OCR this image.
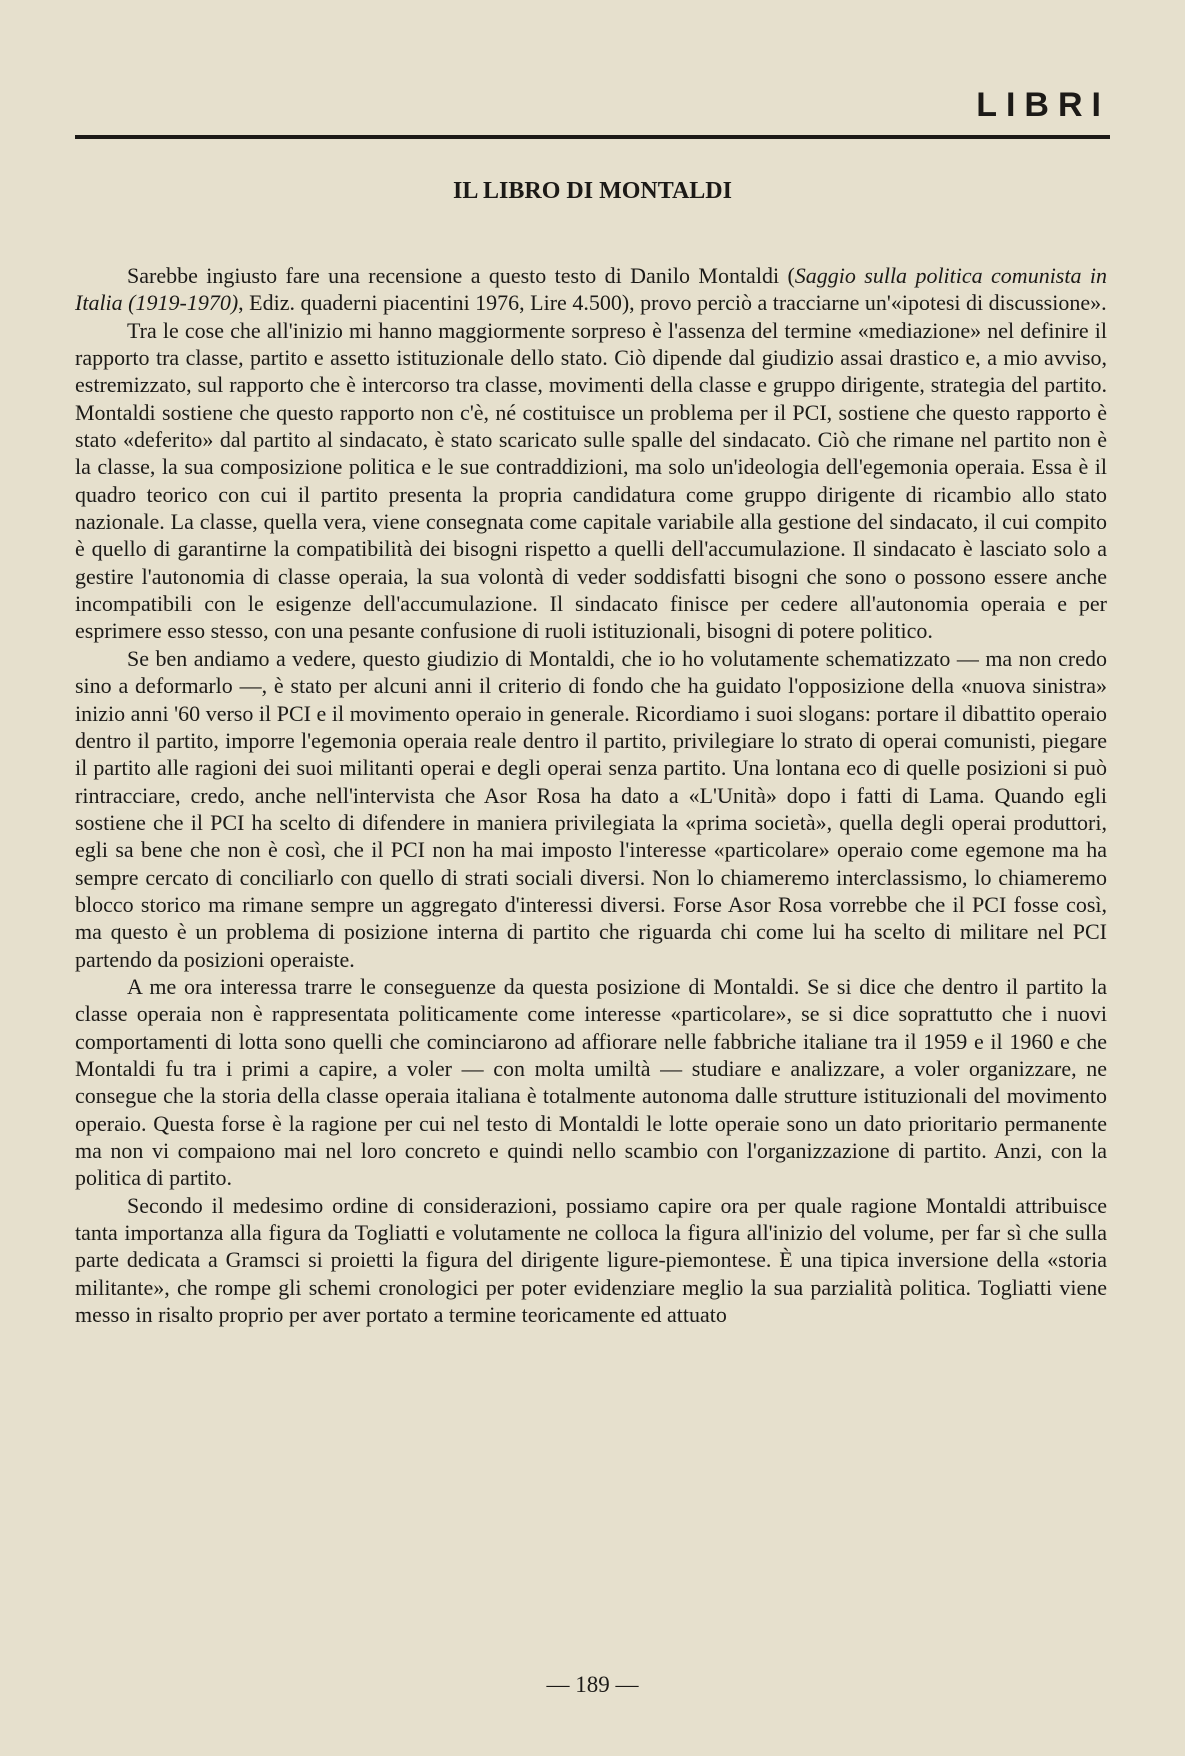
LIBRI
IL LIBRO DI MONTALDI

Sarebbe ingiusto fare una recensione a questo testo di Danilo Montaldi (Saggio sulla politica comunista in Italia (1919-1970), Ediz. quaderni piacentini 1976, Lire 4.500), provo perciò a tracciarne un'«ipotesi di discussione».

Tra le cose che all'inizio mi hanno maggiormente sorpreso è l'assenza del termine «mediazione» nel definire il rapporto tra classe, partito e assetto istituzionale dello stato. Ciò dipende dal giudizio assai drastico e, a mio avviso, estremizzato, sul rapporto che è intercorso tra classe, movimenti della classe e gruppo dirigente, strategia del partito. Montaldi sostiene che questo rapporto non c'è, né costituisce un problema per il PCI, sostiene che questo rapporto è stato «deferito» dal partito al sindacato, è stato scaricato sulle spalle del sindacato. Ciò che rimane nel partito non è la classe, la sua composizione politica e le sue contraddizioni, ma solo un'ideologia dell'egemonia operaia. Essa è il quadro teorico con cui il partito presenta la propria candidatura come gruppo dirigente di ricambio allo stato nazionale. La classe, quella vera, viene consegnata come capitale variabile alla gestione del sindacato, il cui compito è quello di garantirne la compatibilità dei bisogni rispetto a quelli dell'accumulazione. Il sindacato è lasciato solo a gestire l'autonomia di classe operaia, la sua volontà di veder soddisfatti bisogni che sono o possono essere anche incompatibili con le esigenze dell'accumulazione. Il sindacato finisce per cedere all'autonomia operaia e per esprimere esso stesso, con una pesante confusione di ruoli istituzionali, bisogni di potere politico.

Se ben andiamo a vedere, questo giudizio di Montaldi, che io ho volutamente schematizzato — ma non credo sino a deformarlo —, è stato per alcuni anni il criterio di fondo che ha guidato l'opposizione della «nuova sinistra» inizio anni '60 verso il PCI e il movimento operaio in generale. Ricordiamo i suoi slogans: portare il dibattito operaio dentro il partito, imporre l'egemonia operaia reale dentro il partito, privilegiare lo strato di operai comunisti, piegare il partito alle ragioni dei suoi militanti operai e degli operai senza partito. Una lontana eco di quelle posizioni si può rintracciare, credo, anche nell'intervista che Asor Rosa ha dato a «L'Unità» dopo i fatti di Lama. Quando egli sostiene che il PCI ha scelto di difendere in maniera privilegiata la «prima società», quella degli operai produttori, egli sa bene che non è così, che il PCI non ha mai imposto l'interesse «particolare» operaio come egemone ma ha sempre cercato di conciliarlo con quello di strati sociali diversi. Non lo chiameremo interclassismo, lo chiameremo blocco storico ma rimane sempre un aggregato d'interessi diversi. Forse Asor Rosa vorrebbe che il PCI fosse così, ma questo è un problema di posizione interna di partito che riguarda chi come lui ha scelto di militare nel PCI partendo da posizioni operaiste.

A me ora interessa trarre le conseguenze da questa posizione di Montaldi. Se si dice che dentro il partito la classe operaia non è rappresentata politicamente come interesse «particolare», se si dice soprattutto che i nuovi comportamenti di lotta sono quelli che cominciarono ad affiorare nelle fabbriche italiane tra il 1959 e il 1960 e che Montaldi fu tra i primi a capire, a voler — con molta umiltà — studiare e analizzare, a voler organizzare, ne consegue che la storia della classe operaia italiana è totalmente autonoma dalle strutture istituzionali del movimento operaio. Questa forse è la ragione per cui nel testo di Montaldi le lotte operaie sono un dato prioritario permanente ma non vi compaiono mai nel loro concreto e quindi nello scambio con l'organizzazione di partito. Anzi, con la politica di partito.

Secondo il medesimo ordine di considerazioni, possiamo capire ora per quale ragione Montaldi attribuisce tanta importanza alla figura da Togliatti e volutamente ne colloca la figura all'inizio del volume, per far sì che sulla parte dedicata a Gramsci si proietti la figura del dirigente ligure-piemontese. È una tipica inversione della «storia militante», che rompe gli schemi cronologici per poter evidenziare meglio la sua parzialità politica. Togliatti viene messo in risalto proprio per aver portato a termine teoricamente ed attuato

— 189 —
